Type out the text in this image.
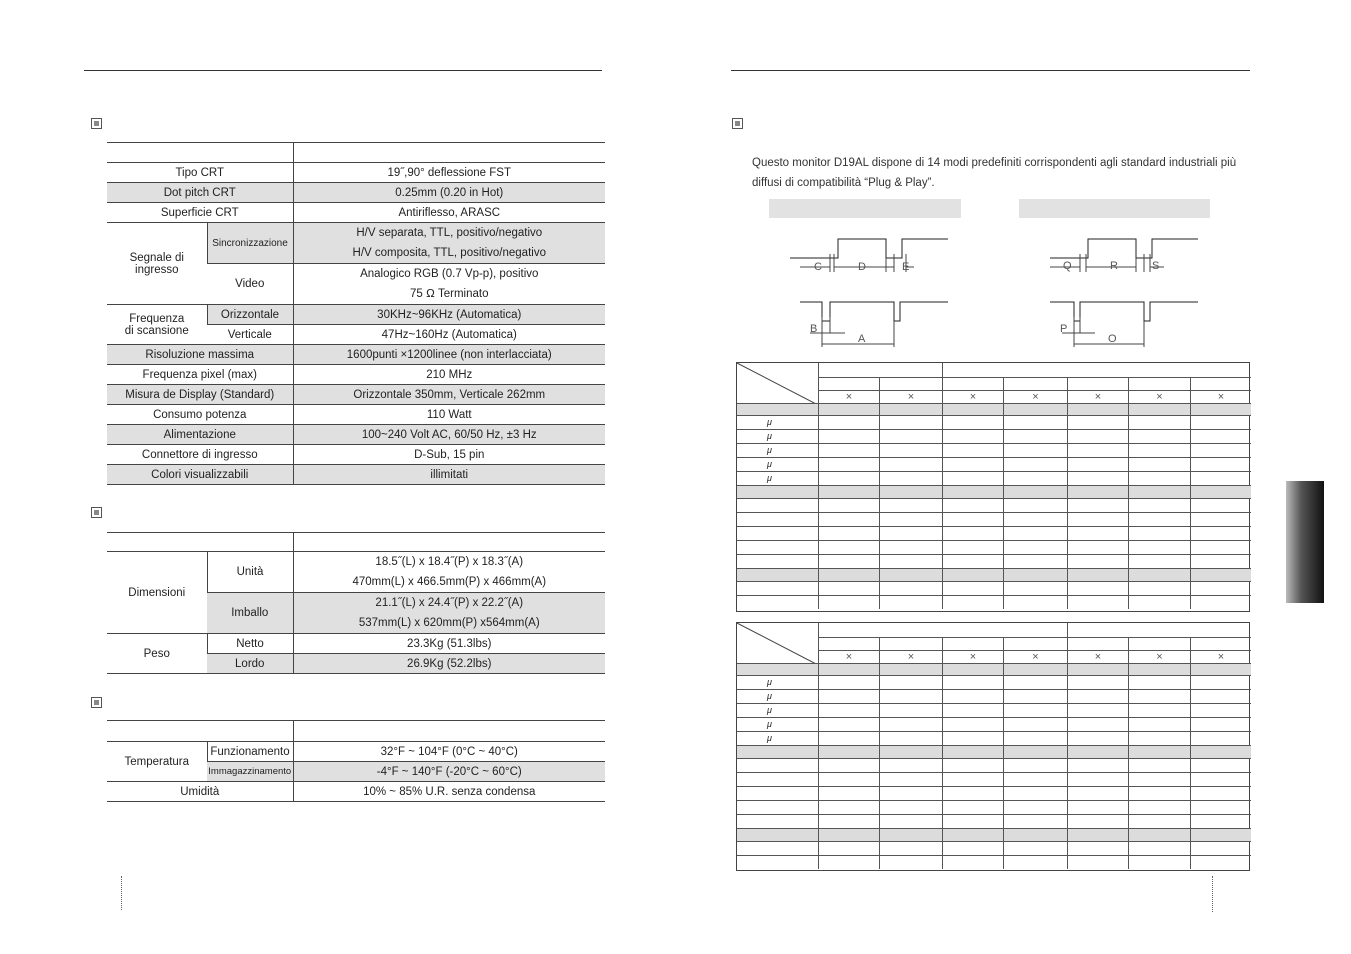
Tipo CRT		19˝,90° deflessione FST
Dot pitch CRT		0.25mm (0.20 in Hot)
Superficie CRT		Antiriflesso, ARASC
Segnale di
ingresso	Sincronizzazione	H/V separata, TTL, positivo/negativo
H/V composita, TTL, positivo/negativo
	Video	Analogico RGB (0.7 Vp-p), positivo
75 Ω Terminato
Frequenza
di scansione	Orizzontale	30KHz~96KHz (Automatica)
	Verticale	47Hz~160Hz (Automatica)
Risoluzione massima		1600punti ×1200linee (non interlacciata)
Frequenza pixel (max)		210 MHz
Misura de Display (Standard)		Orizzontale 350mm, Verticale 262mm
Consumo potenza		110 Watt
Alimentazione		100~240 Volt AC, 60/50 Hz, ±3 Hz
Connettore di ingresso		D-Sub, 15 pin
Colori visualizzabili		illimitati

Dimensioni	Unità	18.5˝(L) x 18.4˝(P) x 18.3˝(A)
470mm(L) x 466.5mm(P) x 466mm(A)
	Imballo	21.1˝(L) x 24.4˝(P) x 22.2˝(A)
537mm(L) x 620mm(P) x564mm(A)
Peso	Netto	23.3Kg (51.3lbs)
	Lordo	26.9Kg (52.2lbs)

Temperatura	Funzionamento	32°F ~ 104°F (0°C ~ 40°C)
	Immagazzinamento	-4°F ~ 140°F (-20°C ~ 60°C)
Umidità		10% ~ 85% U.R. senza condensa
Questo monitor D19AL dispone di 14 modi predefiniti corrispondenti agli standard industriali più
diffusi di compatibilità “Plug & Play”.
C	D	E
B
A
Q	R	S
P
O
×	×	×	×	×	×	×
μ
μ
μ
μ
μ
×	×	×	×	×	×	×
μ
μ
μ
μ
μ
